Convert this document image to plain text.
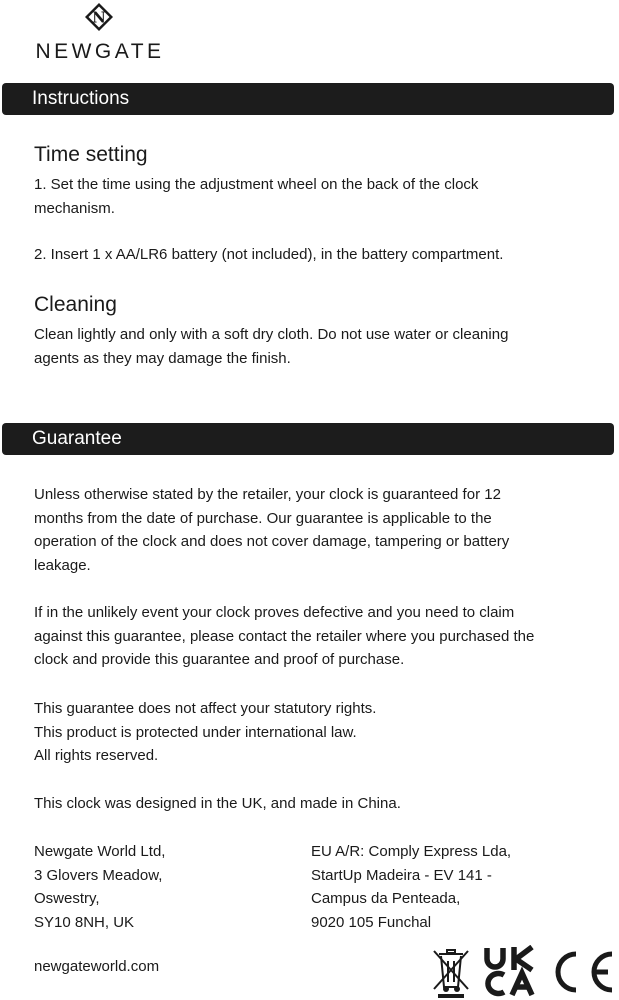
N
NEWGATE
Instructions
Time setting
1. Set the time using the adjustment wheel on the back of the clock
mechanism.
2. Insert 1 x AA/LR6 battery (not included), in the battery compartment.
Cleaning
Clean lightly and only with a soft dry cloth. Do not use water or cleaning
agents as they may damage the finish.
Guarantee
Unless otherwise stated by the retailer, your clock is guaranteed for 12
months from the date of purchase. Our guarantee is applicable to the
operation of the clock and does not cover damage, tampering or battery
leakage.
If in the unlikely event your clock proves defective and you need to claim
against this guarantee, please contact the retailer where you purchased the
clock and provide this guarantee and proof of purchase.
This guarantee does not affect your statutory rights.
This product is protected under international law.
All rights reserved.
This clock was designed in the UK, and made in China.
Newgate World Ltd,
3 Glovers Meadow,
Oswestry,
SY10 8NH, UK
EU A/R: Comply Express Lda,
StartUp Madeira - EV 141 -
Campus da Penteada,
9020 105 Funchal
newgateworld.com
